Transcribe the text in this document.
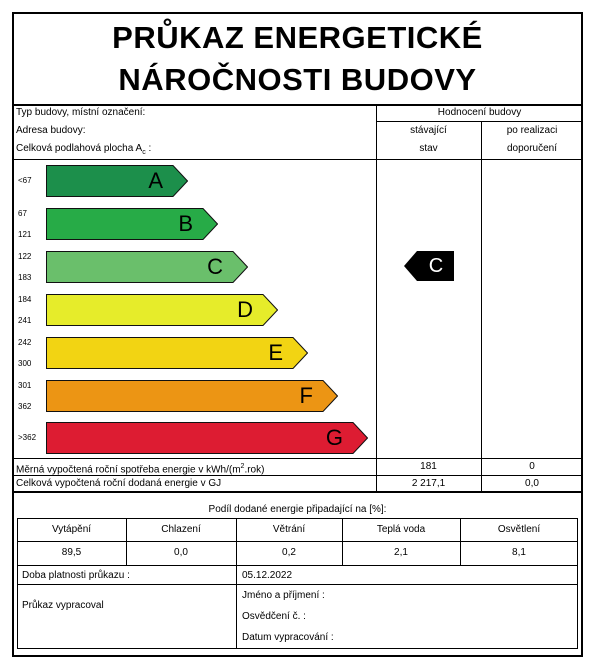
PRŮKAZ ENERGETICKÉ
NÁROČNOSTI BUDOVY
Typ budovy, místní označení:
Adresa budovy:
Celková podlahová plocha $A_c$ :
Hodnocení budovy
stávající
stav
po realizaci
doporučení
<67	A
67
121	B
122
183	C
184
241	D
242
300	E
301
362	F
>362	G
C
Měrná vypočtená roční spotřeba energie v kWh/$(m^2.rok)$	181	0
Celková vypočtená roční dodaná energie v GJ	2 217,1	0,0
Podíl dodané energie připadající na [%]:
Vytápění	Chlazení	Větrání	Teplá voda	Osvětlení
89,5	0,0	0,2	2,1	8,1
Doba platnosti průkazu :	05.12.2022
Průkaz vypracoval
Jméno a příjmení :
Osvědčení č. :
Datum vypracování :
